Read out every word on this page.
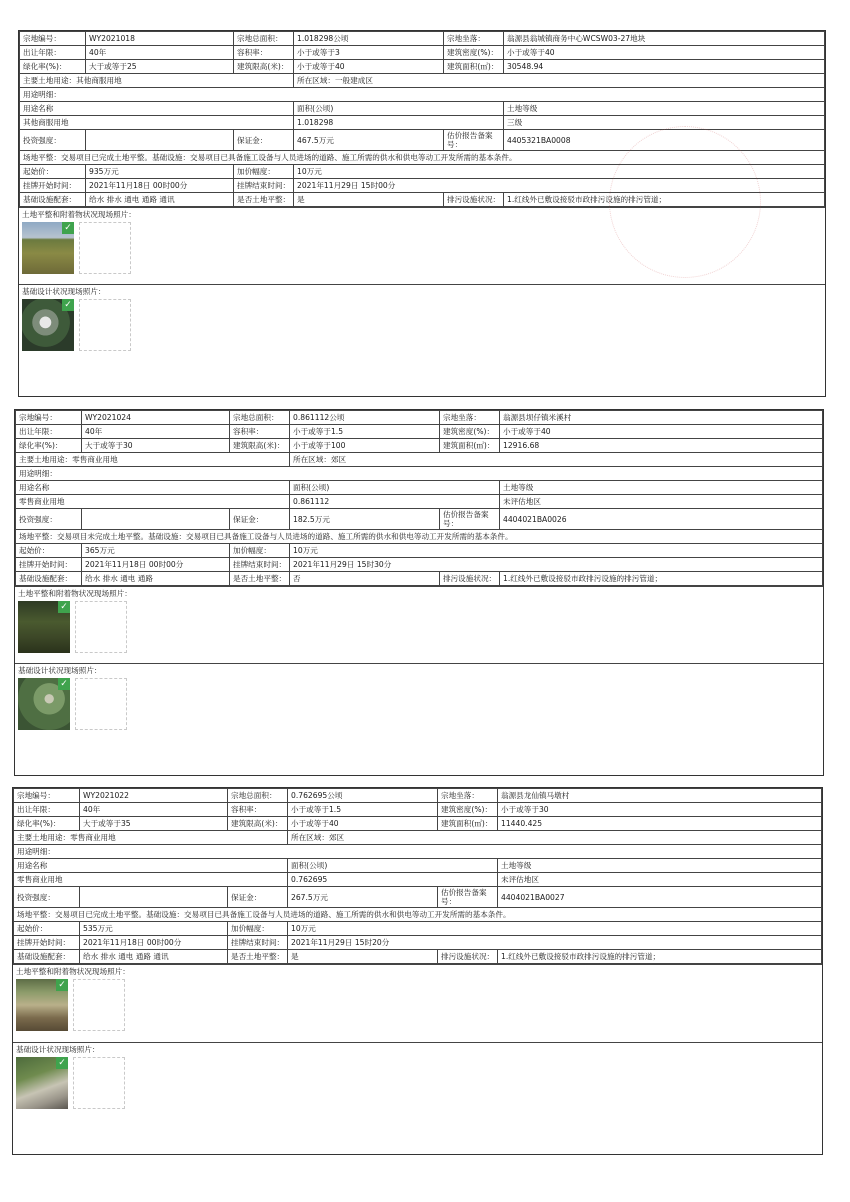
宗地编号：	WY2021018	宗地总面积：	1.018298公顷	宗地坐落：	翁源县翁城镇商务中心WCSW03-27地块
出让年限：	40年	容积率：	小于或等于3	建筑密度(%)：	小于或等于40
绿化率(%)：	大于或等于25	建筑限高(米)：	小于或等于40	建筑面积(㎡)：	30548.94
主要土地用途：其他商服用地			所在区域：一般建成区		
用途明细：					
用途名称			面积(公顷)		土地等级
其他商服用地			1.018298		三级
投资强度：		保证金：	467.5万元	估价报告备案
号：	4405321BA0008
场地平整：交易项目已完成土地平整。基础设施：交易项目已具备施工设备与人员进场的道路、施工所需的供水和供电等动工开发所需的基本条件。					
起始价：	935万元	加价幅度：	10万元		
挂牌开始时间：	2021年11月18日 00时00分	挂牌结束时间：	2021年11月29日 15时00分		
基础设施配套：	给水 排水 通电 通路 通讯	是否土地平整：	是	排污设施状况：	1.红线外已敷设接驳市政排污设施的排污管道；
土地平整和附着物状况现场照片：
✓
基础设计状况现场照片：
✓
宗地编号：	WY2021024	宗地总面积：	0.861112公顷	宗地坐落：	翁源县坝仔镇米溪村
出让年限：	40年	容积率：	小于或等于1.5	建筑密度(%)：	小于或等于40
绿化率(%)：	大于或等于30	建筑限高(米)：	小于或等于100	建筑面积(㎡)：	12916.68
主要土地用途：零售商业用地			所在区域：郊区		
用途明细：					
用途名称			面积(公顷)		土地等级
零售商业用地			0.861112		未评估地区
投资强度：		保证金：	182.5万元	估价报告备案
号：	4404021BA0026
场地平整：交易项目未完成土地平整。基础设施：交易项目已具备施工设备与人员进场的道路、施工所需的供水和供电等动工开发所需的基本条件。					
起始价：	365万元	加价幅度：	10万元		
挂牌开始时间：	2021年11月18日 00时00分	挂牌结束时间：	2021年11月29日 15时30分		
基础设施配套：	给水 排水 通电 通路	是否土地平整：	否	排污设施状况：	1.红线外已敷设接驳市政排污设施的排污管道；
土地平整和附着物状况现场照片：
✓
基础设计状况现场照片：
✓
宗地编号：	WY2021022	宗地总面积：	0.762695公顷	宗地坐落：	翁源县龙仙镇马墩村
出让年限：	40年	容积率：	小于或等于1.5	建筑密度(%)：	小于或等于30
绿化率(%)：	大于或等于35	建筑限高(米)：	小于或等于40	建筑面积(㎡)：	11440.425
主要土地用途：零售商业用地			所在区域：郊区		
用途明细：					
用途名称			面积(公顷)		土地等级
零售商业用地			0.762695		未评估地区
投资强度：		保证金：	267.5万元	估价报告备案
号：	4404021BA0027
场地平整：交易项目已完成土地平整。基础设施：交易项目已具备施工设备与人员进场的道路、施工所需的供水和供电等动工开发所需的基本条件。					
起始价：	535万元	加价幅度：	10万元		
挂牌开始时间：	2021年11月18日 00时00分	挂牌结束时间：	2021年11月29日 15时20分		
基础设施配套：	给水 排水 通电 通路 通讯	是否土地平整：	是	排污设施状况：	1.红线外已敷设接驳市政排污设施的排污管道；
土地平整和附着物状况现场照片：
✓
基础设计状况现场照片：
✓
